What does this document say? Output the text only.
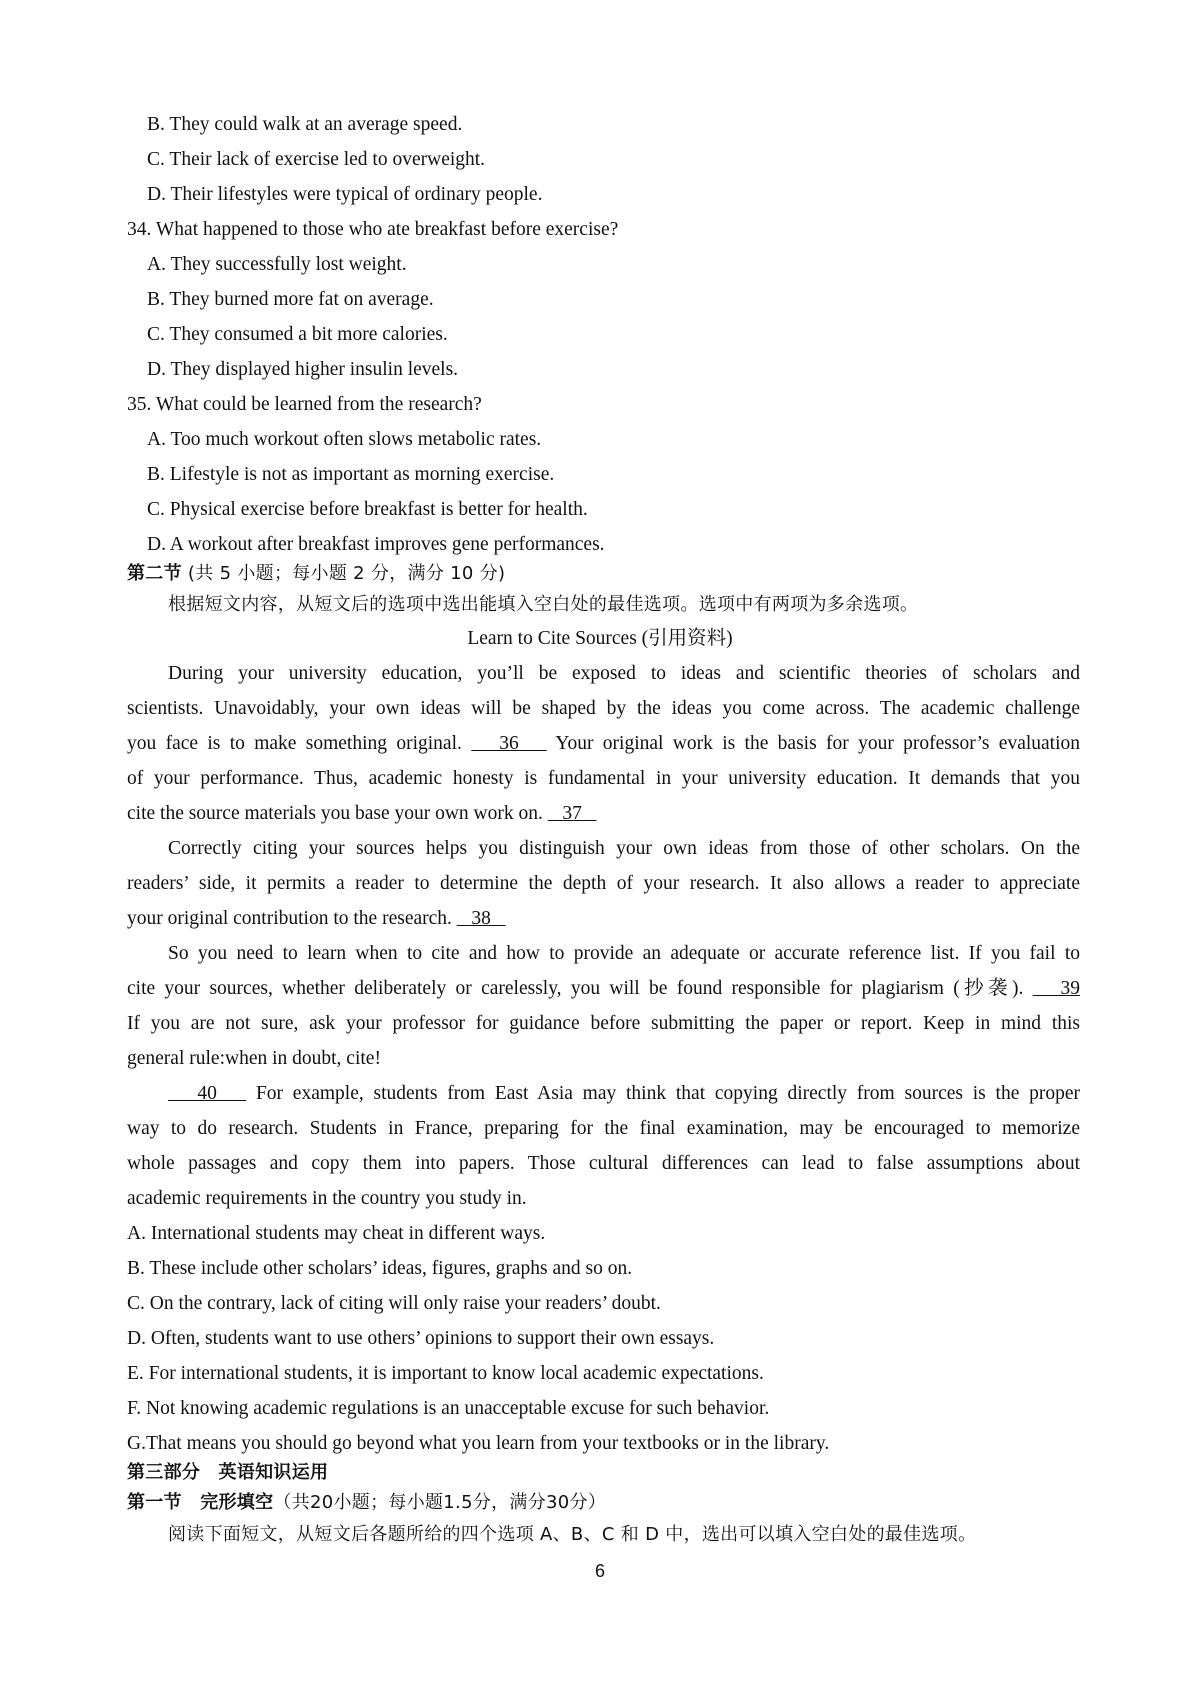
B. They could walk at an average speed.
C. Their lack of exercise led to overweight.
D. Their lifestyles were typical of ordinary people.
34. What happened to those who ate breakfast before exercise?
A. They successfully lost weight.
B. They burned more fat on average.
C. They consumed a bit more calories.
D. They displayed higher insulin levels.
35. What could be learned from the research?
A. Too much workout often slows metabolic rates.
B. Lifestyle is not as important as morning exercise.
C. Physical exercise before breakfast is better for health.
D. A workout after breakfast improves gene performances.
第二节 (共 5 小题；每小题 2 分，满分 10 分)
根据短文内容，从短文后的选项中选出能填入空白处的最佳选项。选项中有两项为多余选项。
Learn to Cite Sources (引用资料)
During your university education, you’ll be exposed to ideas and scientific theories of scholars and
scientists. Unavoidably, your own ideas will be shaped by the ideas you come across. The academic challenge
you face is to make something original.    36    Your original work is the basis for your professor’s evaluation
of your performance. Thus, academic honesty is fundamental in your university education. It demands that you
cite the source materials you base your own work on.    37
Correctly citing your sources helps you distinguish your own ideas from those of other scholars. On the
readers’ side, it permits a reader to determine the depth of your research. It also allows a reader to appreciate
your original contribution to the research.    38
So you need to learn when to cite and how to provide an adequate or accurate reference list. If you fail to
cite your sources, whether deliberately or carelessly, you will be found responsible for plagiarism (抄袭).    39
If you are not sure, ask your professor for guidance before submitting the paper or report. Keep in mind this
general rule:when in doubt, cite!
40    For example, students from East Asia may think that copying directly from sources is the proper
way to do research. Students in France, preparing for the final examination, may be encouraged to memorize
whole passages and copy them into papers. Those cultural differences can lead to false assumptions about
academic requirements in the country you study in.
A. International students may cheat in different ways.
B. These include other scholars’ ideas, figures, graphs and so on.
C. On the contrary, lack of citing will only raise your readers’ doubt.
D. Often, students want to use others’ opinions to support their own essays.
E. For international students, it is important to know local academic expectations.
F. Not knowing academic regulations is an unacceptable excuse for such behavior.
G.That means you should go beyond what you learn from your textbooks or in the library.
第三部分　英语知识运用
第一节　完形填空（共20小题；每小题1.5分，满分30分）
阅读下面短文，从短文后各题所给的四个选项 A、B、C 和 D 中，选出可以填入空白处的最佳选项。
6
